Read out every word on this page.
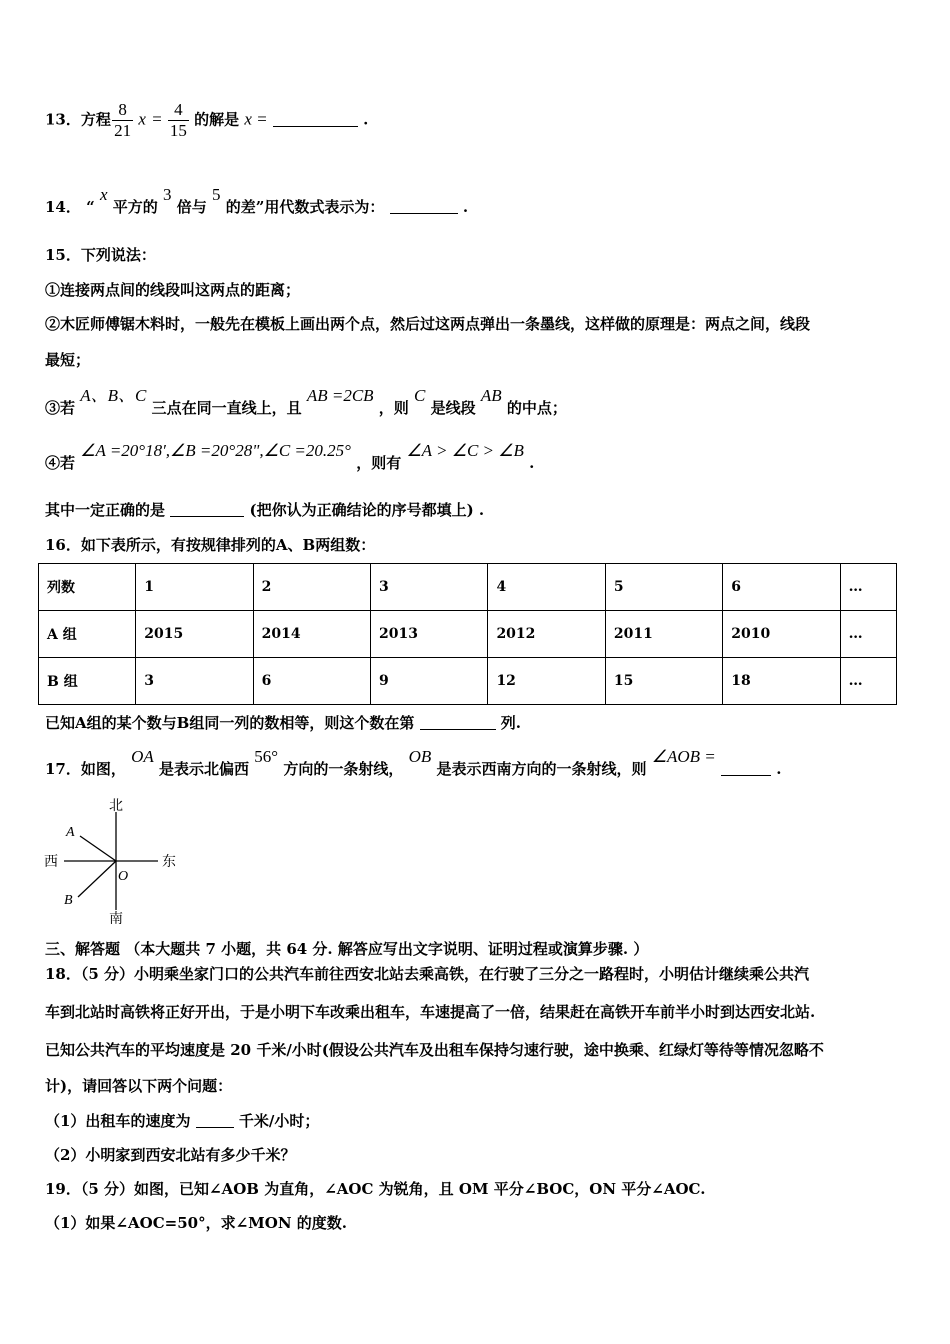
13．方程 $\frac{8}{21}$ $x = \frac{4}{15}$ 的解是 x =	.
14． “ x 平方的 3 倍与 5 的差”用代数式表示为：	.
15．下列说法：
①连接两点间的线段叫这两点的距离；
②木匠师傅锯木料时，一般先在模板上画出两个点，然后过这两点弹出一条墨线，这样做的原理是：两点之间，线段
最短；
③若 A、B、C 三点在同一直线上，且 AB =2CB ，则 C 是线段 AB 的中点；
④若 ∠A =20°18′,∠B =20°28",∠C =20.25° ，则有 ∠A > ∠C > ∠B .
其中一定正确的是	(把你认为正确结论的序号都填上) .
16．如下表所示，有按规律排列的A、B两组数：
列数	1	2	3	4	5	6	…
A 组	2015	2014	2013	2012	2011	2010	…
B 组	3	6	9	12	15	18	…
已知A组的某个数与B组同一列的数相等，则这个数在第	列.
17．如图， OA 是表示北偏西 56° 方向的一条射线， OB 是表示西南方向的一条射线，则 ∠AOB =  .
北
南
西	东
A
B
O
三、解答题 （本大题共 7 小题，共 64 分. 解答应写出文字说明、证明过程或演算步骤. ）
18．（5 分）小明乘坐家门口的公共汽车前往西安北站去乘高铁，在行驶了三分之一路程时，小明估计继续乘公共汽
车到北站时高铁将正好开出，于是小明下车改乘出租车，车速提高了一倍，结果赶在高铁开车前半小时到达西安北站.
已知公共汽车的平均速度是 20 千米/小时(假设公共汽车及出租车保持匀速行驶，途中换乘、红绿灯等待等情况忽略不
计)，请回答以下两个问题：
（1）出租车的速度为	千米/小时；
（2）小明家到西安北站有多少千米？
19．（5 分）如图，已知∠AOB 为直角，∠AOC 为锐角，且 OM 平分∠BOC，ON 平分∠AOC.
（1）如果∠AOC=50°，求∠MON 的度数.
